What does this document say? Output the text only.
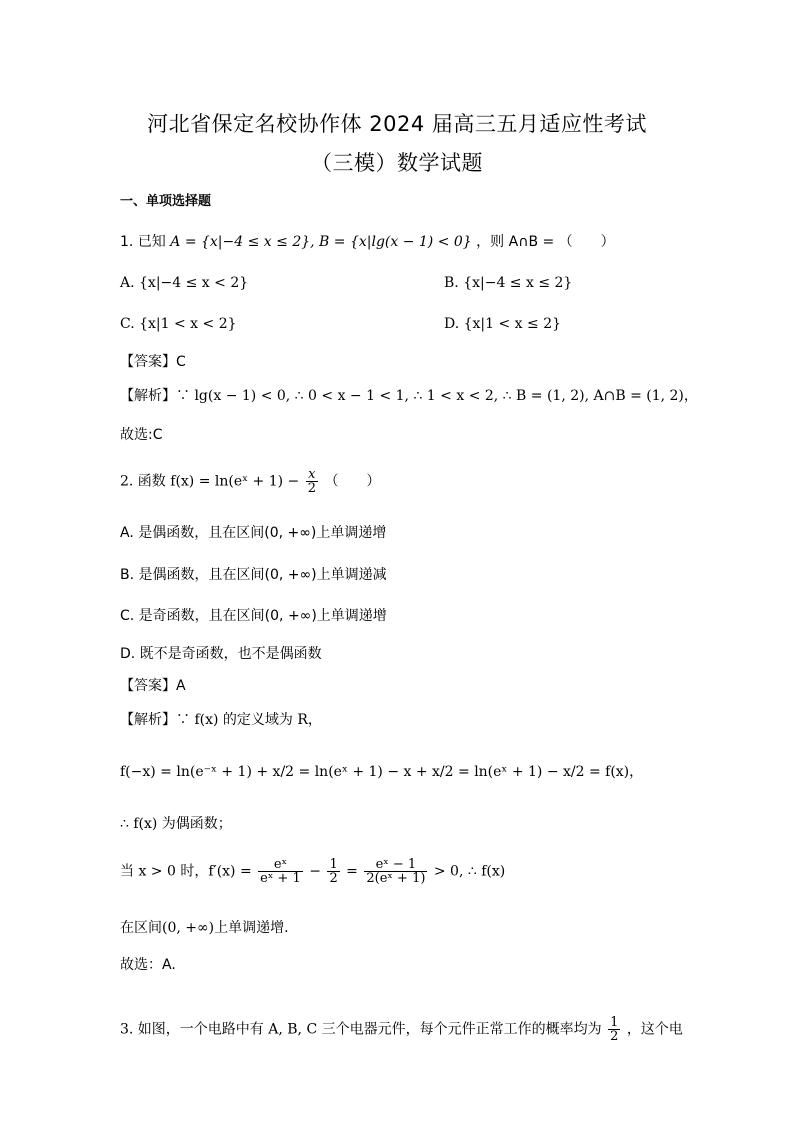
河北省保定名校协作体 2024 届高三五月适应性考试
（三模）数学试题
一、单项选择题
1. 已知 A = {x|−4 ≤ x ≤ 2}, B = {x|lg(x − 1) < 0} ，则 A∩B = （　　）
A. {x|−4 ≤ x < 2}	B. {x|−4 ≤ x ≤ 2}
C. {x|1 < x < 2}	D. {x|1 < x ≤ 2}
【答案】C
【解析】∵ lg(x − 1) < 0, ∴ 0 < x − 1 < 1, ∴ 1 < x < 2, ∴ B = (1, 2), A∩B = (1, 2)，
故选:C
2. 函数 f(x) = ln(eˣ + $1) - \frac{x}{2}$ （　　）
A. 是偶函数，且在区间(0, +∞)上单调递增
B. 是偶函数，且在区间(0, +∞)上单调递减
C. 是奇函数，且在区间(0, +∞)上单调递增
D. 既不是奇函数，也不是偶函数
【答案】A
【解析】∵ f(x) 的定义域为 R，
f(−x) = ln(e⁻ˣ + 1) + x/2 = ln(eˣ + 1) − x + x/2 = ln(eˣ + 1) − x/2 = f(x)，
∴ f(x) 为偶函数；
当 x > 0 时，$f'(x) = \frac{\text{eˣ}}{\text{eˣ + 1}} - \frac{1}{2} = \frac{\text{eˣ − 1}}{\text{2(eˣ + 1)}} > 0$, ∴ f(x)
在区间(0, +∞)上单调递增.
故选：A.
3. 如图，一个电路中有 A, B, C 三个电器元件，每个元件正常工作的概率均为 $\frac{1}{2}$ ，这个电
